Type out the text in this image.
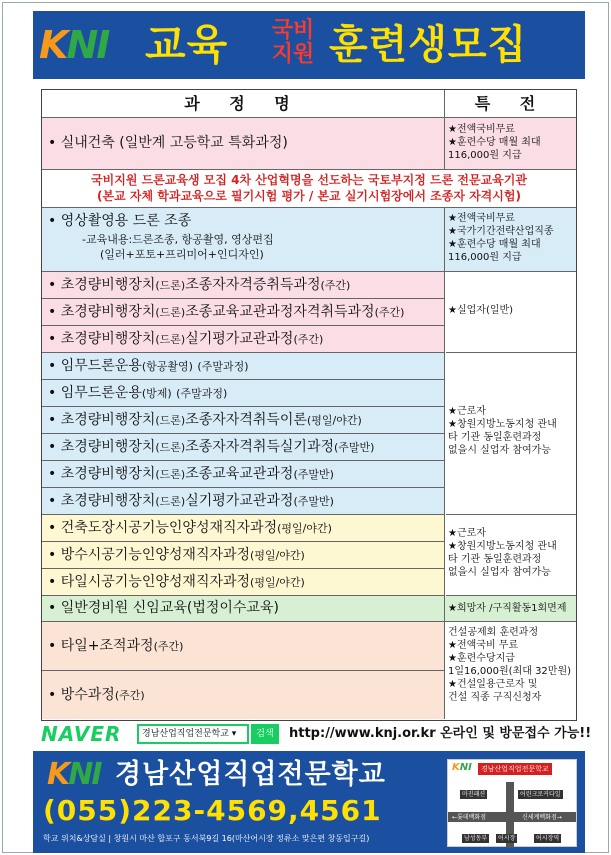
KNI 교육	국비
지원 훈련생모집
과 정 명	특 전
• 실내건축 (일반계 고등학교 특화과정)
★전액국비무료
★훈련수당 매월 최대
116,000원 지급
국비지원 드론교육생 모집 4차 산업혁명을 선도하는 국토부지정 드론 전문교육기관
(본교 자체 학과교육으로 필기시험 평가 / 본교 실기시험장에서 조종자 자격시험)
• 영상촬영용 드론 조종
-교육내용:드론조종, 항공촬영, 영상편집
(일러+포토+프리미어+인디자인)
★전액국비무료
★국가기간전략산업직종
★훈련수당 매월 최대
116,000원 지급
• 초경량비행장치(드론)조종자자격증취득과정(주간)
• 초경량비행장치(드론)조종교육교관과정자격취득과정(주간)
• 초경량비행장치(드론)실기평가교관과정(주간)
★실업자(일반)
• 임무드론운용(항공촬영) (주말과정)
• 임무드론운용(방제) (주말과정)
• 초경량비행장치(드론)조종자자격취득이론(평일/야간)
• 초경량비행장치(드론)조종자자격취득실기과정(주말반)
• 초경량비행장치(드론)조종교육교관과정(주말반)
• 초경량비행장치(드론)실기평가교관과정(주말반)
★근로자
★창원지방노동지청 관내
타 기관 동일훈련과정
없을시 실업자 참여가능
• 건축도장시공기능인양성재직자과정(평일/야간)
• 방수시공기능인양성재직자과정(평일/야간)
• 타일시공기능인양성재직자과정(평일/야간)
★근로자
★창원지방노동지청 관내
타 기관 동일훈련과정
없을시 실업자 참여가능
• 일반경비원 신임교육(법정이수교육)	★희망자 /구직활동1회면제
• 타일+조적과정(주간)
• 방수과정(주간)
건설공제회 훈련과정
★전액국비 무료
★훈련수당지급
1일16,000원(최대 32만원)
★건설일용근로자 및
건설 직종 구직신청자
NAVER	경남산업직업전문학교 ▾	검색	http://www.knj.or.kr 온라인 및 방문접수 가능!!
KNI 경남산업직업전문학교
(055)223-4569,4561
학교 위치&상담실 | 창원시 마산 합포구 동서북9길 16(마산어시장 정류소 맞은편 창동입구길)
KNI	경남산업직업전문학교
마진패션	어린크로커다일
←롯데백화점	신세계백화점→
남성동부	어시장	어시장역
